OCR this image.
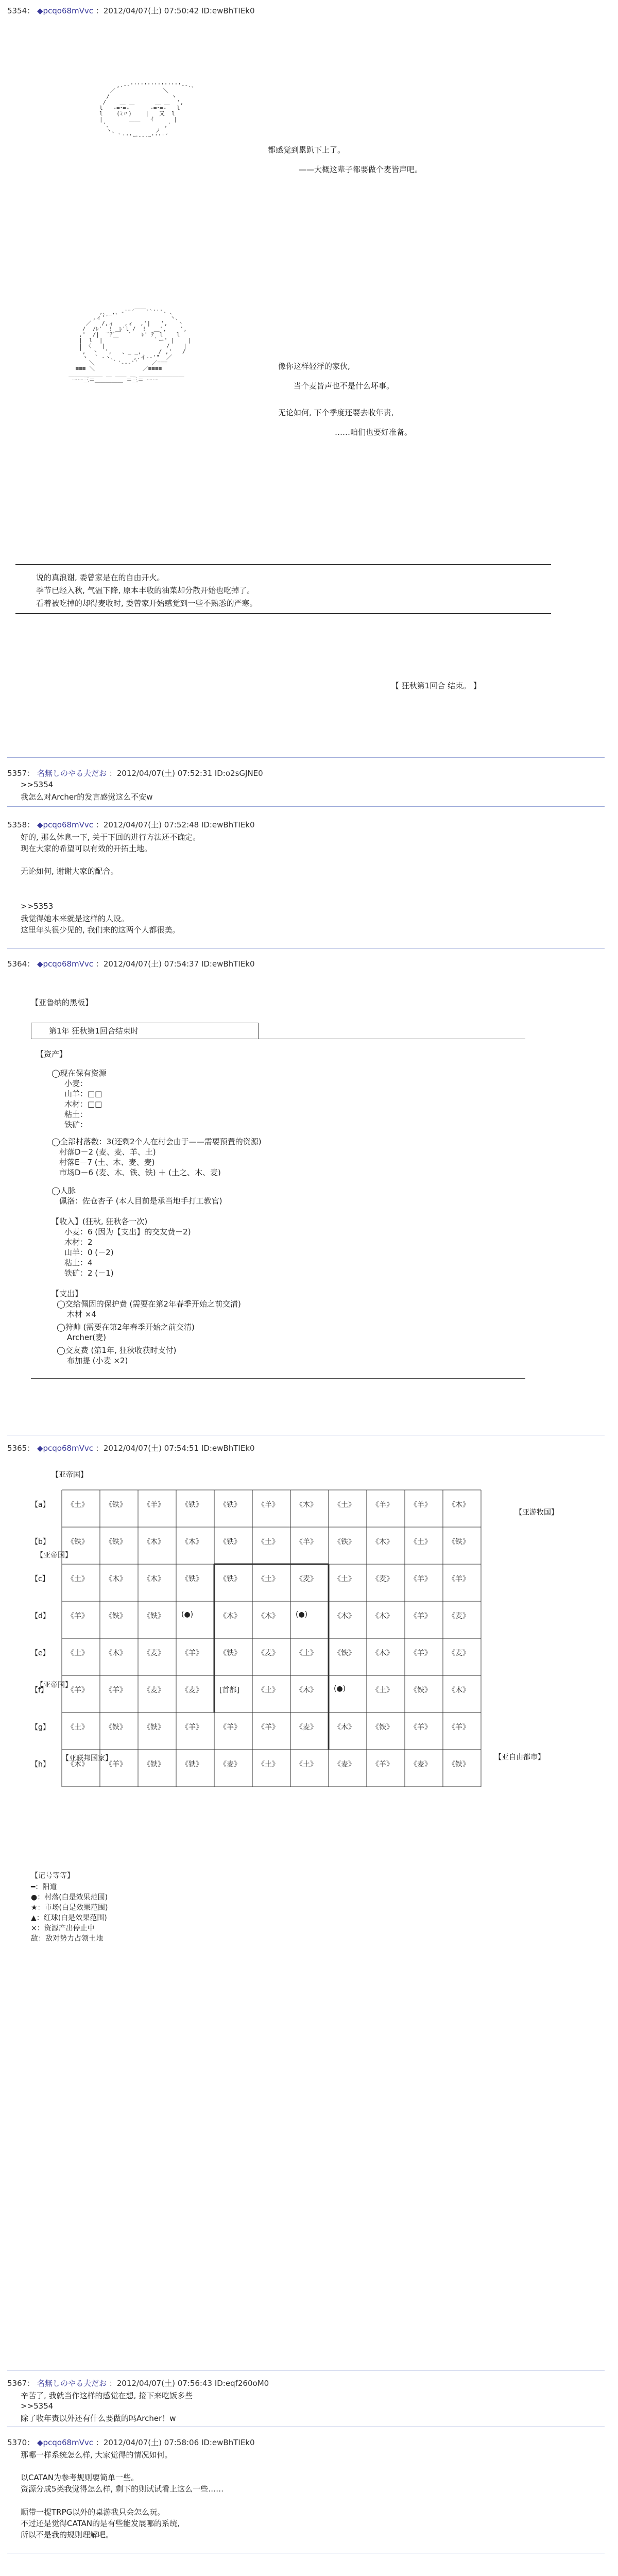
5354： ◆pcqo68mVvc ：2012/04/07(土) 07:50:42 ID:ewBhTIEk0
,.-‐'''''''''''''''‐-.、
／              ＼
/                  ヽ
/    ＿ ＿      ＿ ＿  ',
l   ‐=･=-      -=･=‐   l
l    (ﾐ〃)    |   又  l
|              ｲ      |
'、     ￣￣       ,'
ヽ、           ノ
｀'''ー---ｰ''''´
都感觉到累趴下上了。
——大概这辈子都要做个麦皆声吧。
,、_,、‐'"´￣￣``'''‐ 、
,ィ'´                  ヽ、
／   /,ィ   ,ィ  ,'|   ',   ヽ
/  /ﾚ' _!_ ﾚ'l /  !    ',    ',
,'  /|  ´ﾃﾞ￣  ´   ﾚ' ﾃ￣l    l
|  l  |   ￣          ｀ー' |    |
| 〈   |                  /    |
',  ヽ  ',   、_ _,     / ,'   /
ヽ  ` ‐ヽ、     ,.イ-‐'"  ／
＼     ｀'‐-‐'´    ／≡≡≡
≡≡≡ ＼              ／≡≡≡≡
＿＿＿＿＿＿ ＿ ＿＿ ＿ ＿＿＿＿＿＿＿＿
ーー三＝＿＿＿＿＿ ＝三＝ ーー
像你这样轻浮的家伙,
当个麦皆声也不是什么坏事。
无论如何, 下个季度还要去收年责,
……咱们也要好准备。
说的真浪谢, 委曾家是在的自由开火。
季节已经入秋, 气温下降, 原本丰收的油菜却分散开始也吃掉了。
看着被吃掉的却得麦收时, 委曾家开始感觉到一些不熟悉的严寒。
【 狂秋第1回合 结束。 】
5357： 名無しのやる夫だお ：2012/04/07(土) 07:52:31 ID:o2sGJNE0
>>5354
我怎么对Archer的发言感觉这么不安w
5358： ◆pcqo68mVvc ：2012/04/07(土) 07:52:48 ID:ewBhTIEk0
好的, 那么休息一下, 关于下回的进行方法还不确定。
现在大家的希望可以有效的开拓土地。
无论如何, 谢谢大家的配合。
>>5353
我觉得她本来就是这样的人设。
这里年头很少见的, 我们来的这两个人都很美。
5364： ◆pcqo68mVvc ：2012/04/07(土) 07:54:37 ID:ewBhTIEk0
【亚鲁纳的黑板】
第1年 狂秋第1回合结束时
【资产】
◯现在保有资源
小麦：
山羊：□□
木材：□□
粘土：
铁矿：
◯全部村落数：3(还剩2个人在村会由于——需要预置的资源)
村落D－2 (麦、麦、羊、土)
村落E－7 (土、木、麦、麦)
市场D－6 (麦、木、铁、铁) ＋ (土之、木、麦)
◯人脉
佩洛：佐仓杏子 (本人目前是承当地手打工教官)
【收入】(狂秋, 狂秋各一次)
小麦：6 (因为【支出】的交友费－2)
木材：2
山羊：0 (－2)
粘土：4
铁矿：2 (－1)
【支出】
◯交给佩因的保护费 (需要在第2年春季开始之前交清)
木材 ×4
◯狩帅 (需要在第2年春季开始之前交清)
Archer(麦)
◯交友费 (第1年, 狂秋收获时支付)
布加提 (小麦 ×2)
5365： ◆pcqo68mVvc ：2012/04/07(土) 07:54:51 ID:ewBhTIEk0
【亚帝国】
【亚游牧国】
【亚帝国】
【亚帝国】
【亚自由都市】
【亚联邦国家】
【a】 《土》 《铁》 《羊》 《铁》 《铁》 《羊》 《木》 《土》 《羊》 《羊》 《木》
【b】 《铁》 《铁》 《木》 《木》 《铁》 《土》 《羊》 《铁》 《木》 《土》 《铁》
【c】 《土》 《木》 《木》 《铁》 《铁》 《土》 《麦》 《土》 《麦》 《羊》 《羊》
【d】 《羊》 《铁》 《铁》 (●)	《木》 《木》 (●)	《木》 《木》 《羊》 《麦》
【e】 《土》 《木》 《麦》 《羊》 《铁》 《麦》 《土》 《铁》 《木》 《羊》 《麦》
【f】	《羊》 《羊》 《麦》 《麦》 [首都]	《土》 《木》 (●)	《土》 《铁》 《木》
【g】 《土》 《铁》 《铁》 《羊》 《羊》 《羊》 《麦》 《木》 《铁》 《羊》 《羊》
【h】 《木》 《羊》 《铁》 《铁》 《麦》 《土》 《土》 《麦》 《羊》 《麦》 《铁》
【记号等等】
━：阳道
●：村落(白是效果范围)
★：市场(白是效果范围)
▲：红球(白是效果范围)
×：资源产出停止中
敌：敌对势力占领土地
5367： 名無しのやる夫だお ：2012/04/07(土) 07:56:43 ID:eqf260oM0
辛苦了, 我就当作这样的感觉在想, 接下来吃饭多些
>>5354
除了收年责以外还有什么要做的吗Archer！w
5370： ◆pcqo68mVvc ：2012/04/07(土) 07:58:06 ID:ewBhTIEk0
那哪一样系统怎么样, 大家觉得的情况如何。
以CATAN为参考规则要简单一些。
资源分成5类我觉得怎么样, 剩下的则试试看上这么一些……
顺带一提TRPG以外的桌游我只会怎么玩。
不过还是觉得CATAN的是有些能发展哪的系统,
所以不是我的规则理解吧。
